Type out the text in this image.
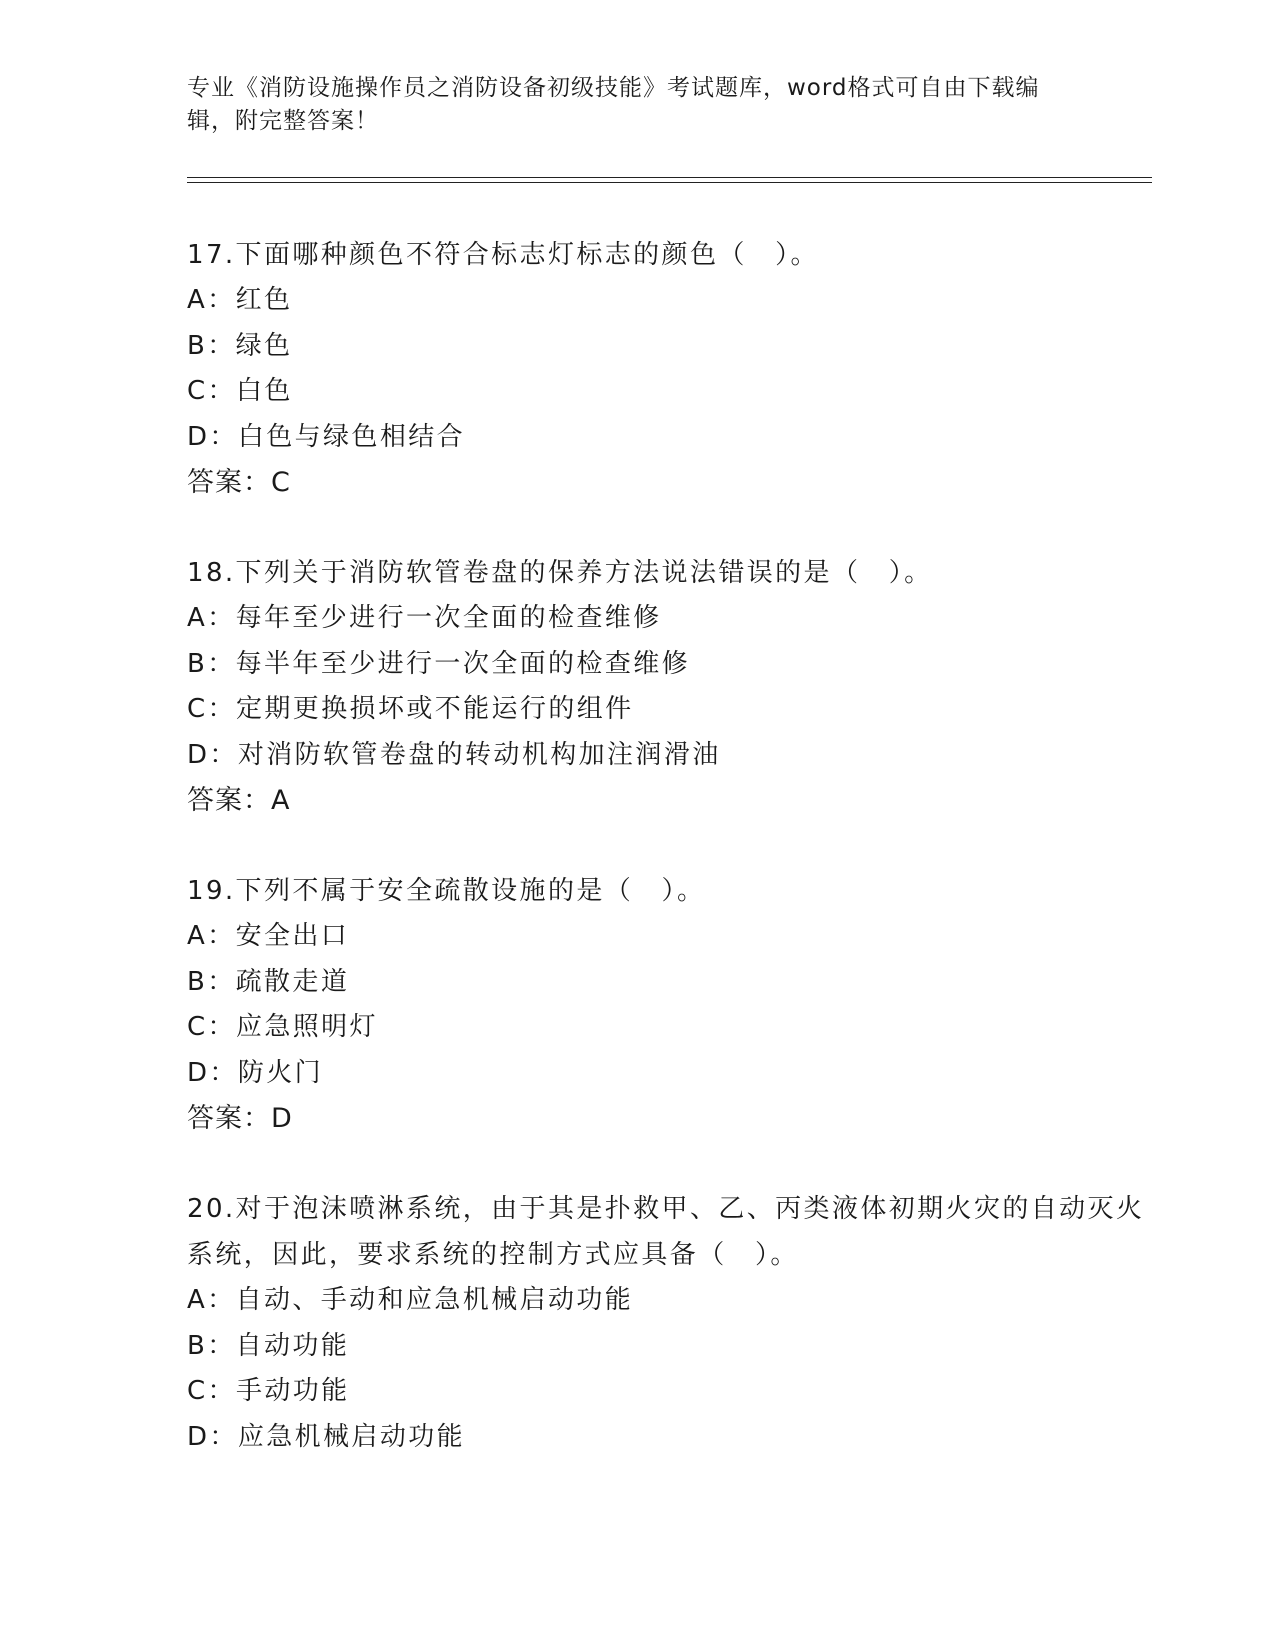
专业《消防设施操作员之消防设备初级技能》考试题库，word格式可自由下载编辑，附完整答案！
17.下面哪种颜色不符合标志灯标志的颜色（　）。
A：红色
B：绿色
C：白色
D：白色与绿色相结合
答案：C
18.下列关于消防软管卷盘的保养方法说法错误的是（　）。
A：每年至少进行一次全面的检查维修
B：每半年至少进行一次全面的检查维修
C：定期更换损坏或不能运行的组件
D：对消防软管卷盘的转动机构加注润滑油
答案：A
19.下列不属于安全疏散设施的是（　）。
A：安全出口
B：疏散走道
C：应急照明灯
D：防火门
答案：D
20.对于泡沫喷淋系统，由于其是扑救甲、乙、丙类液体初期火灾的自动灭火系统，因此，要求系统的控制方式应具备（　）。
A：自动、手动和应急机械启动功能
B：自动功能
C：手动功能
D：应急机械启动功能
